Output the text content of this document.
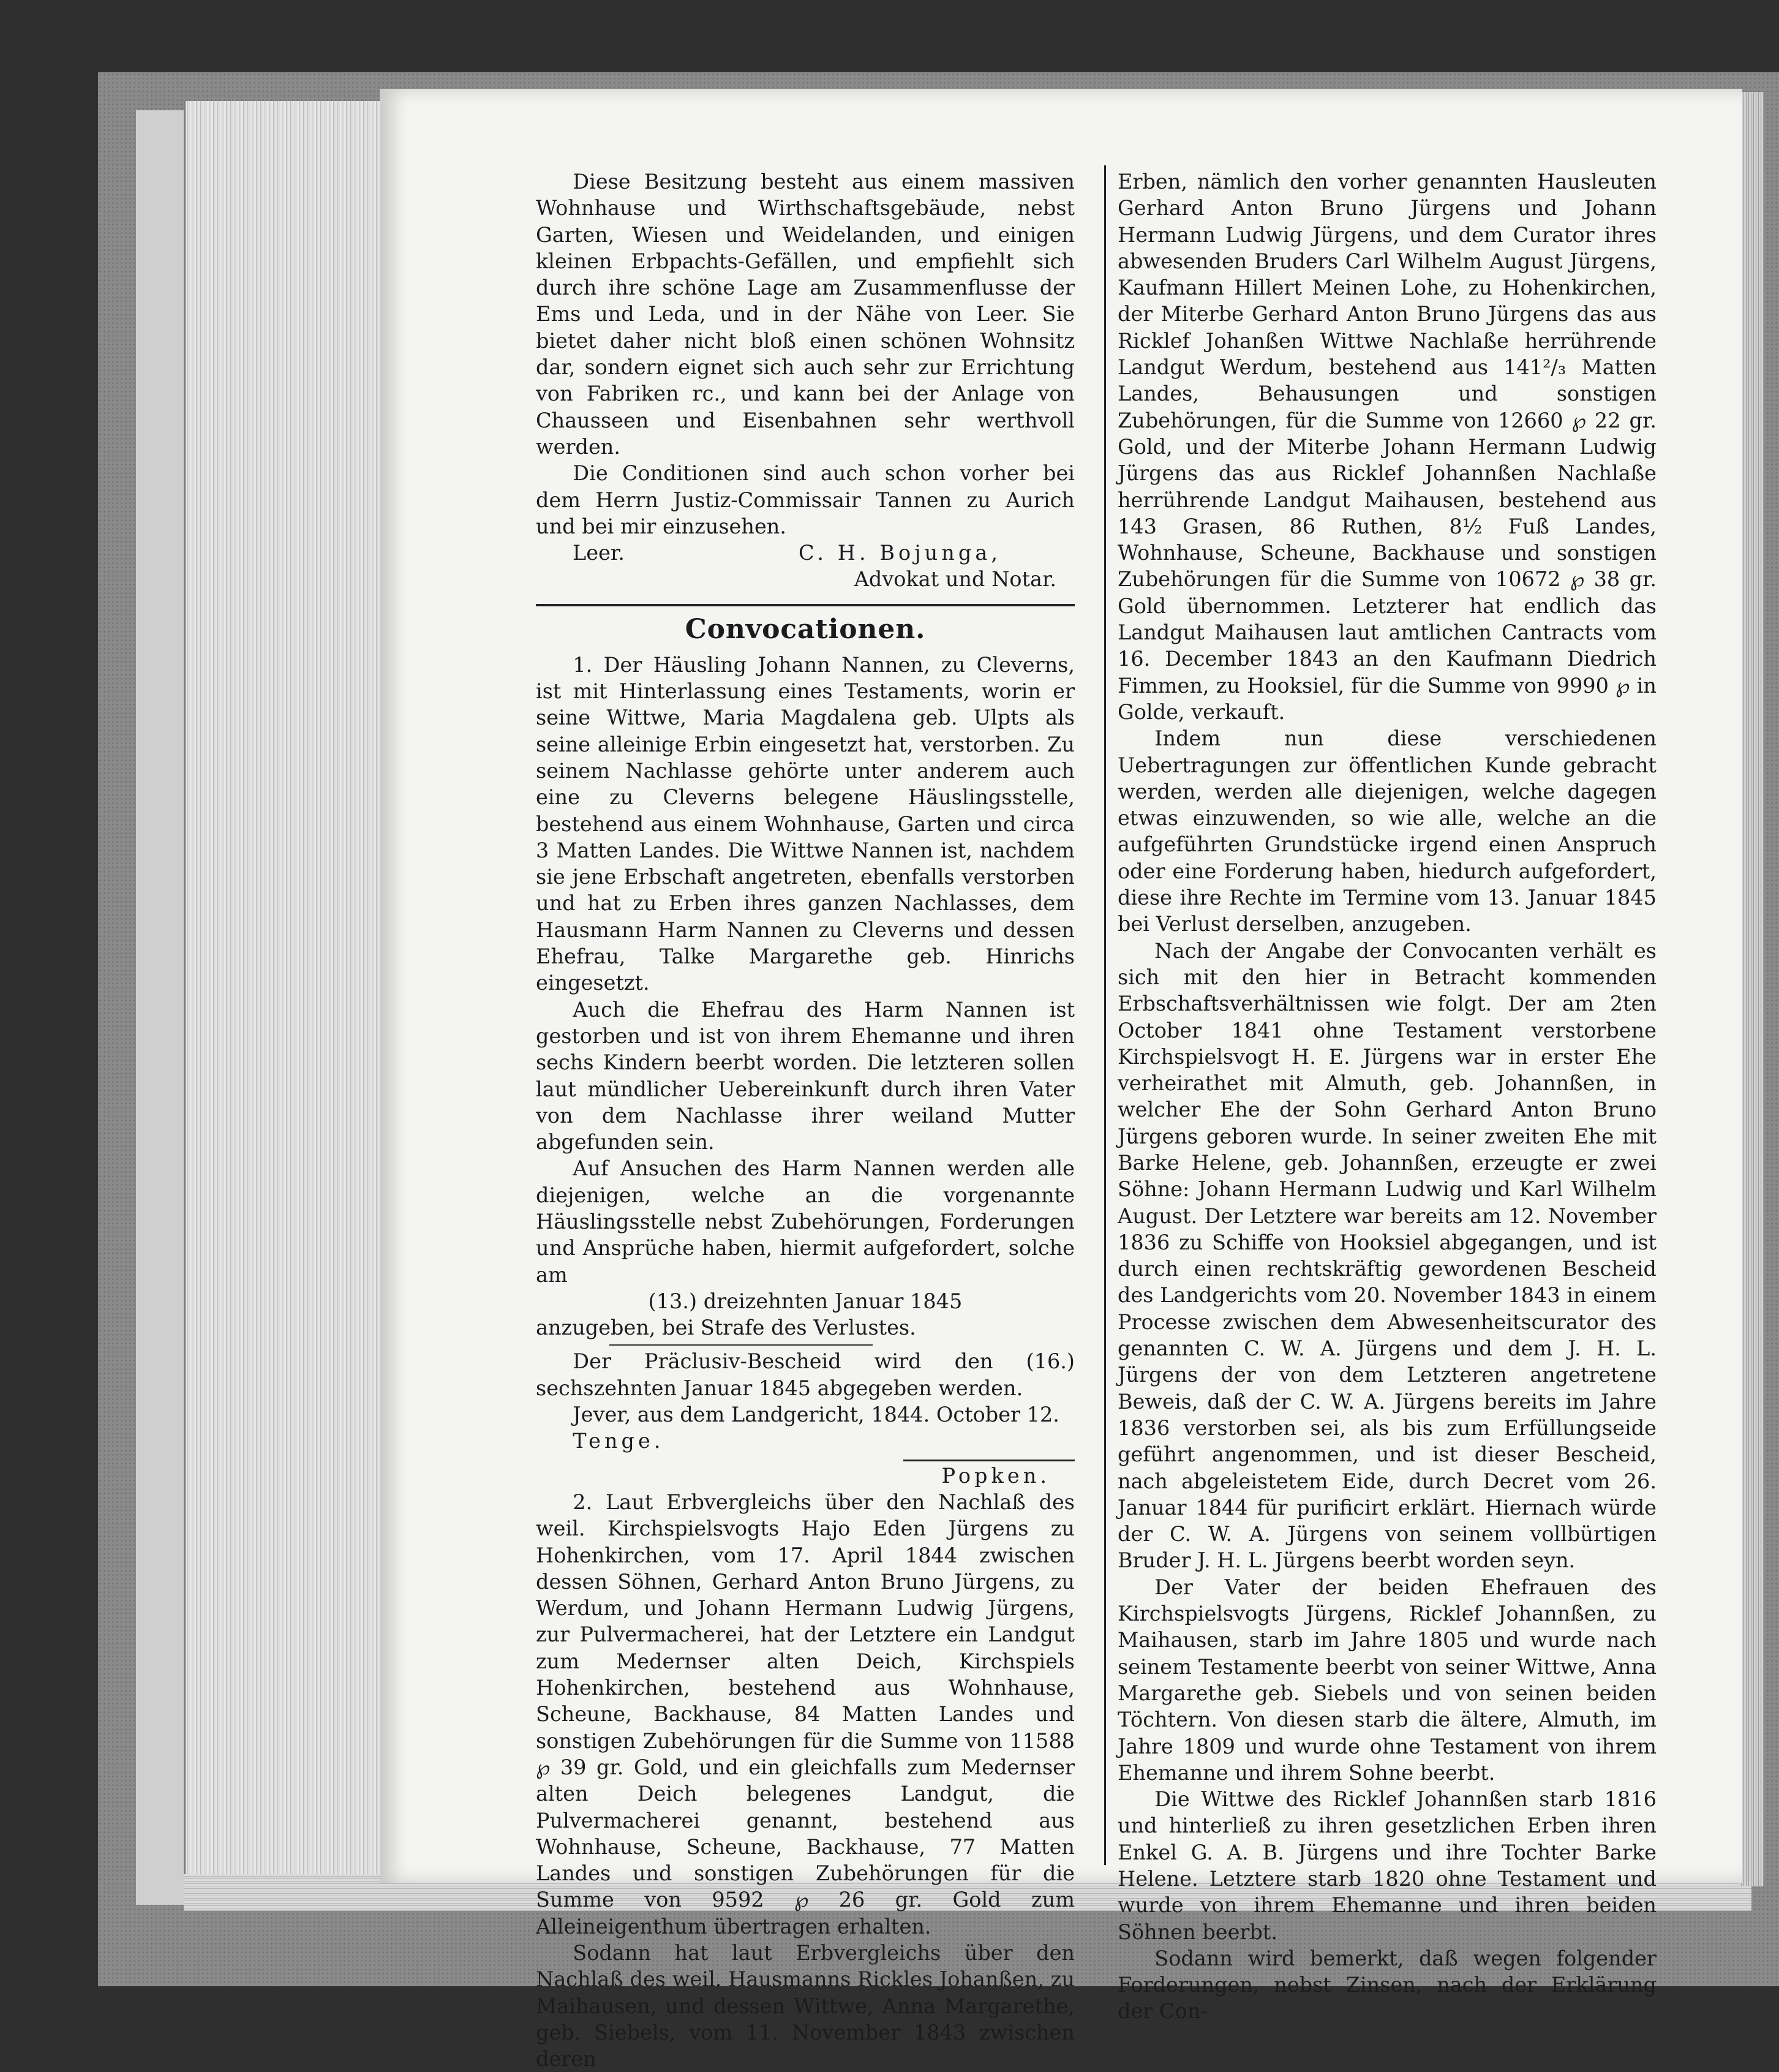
Diese Besitzung besteht aus einem massiven Wohnhause und Wirthschaftsgebäude, nebst Garten, Wiesen und Weidelanden, und einigen kleinen Erbpachts-Gefällen, und empfiehlt sich durch ihre schöne Lage am Zusammenflusse der Ems und Leda, und in der Nähe von Leer. Sie bietet daher nicht bloß einen schönen Wohnsitz dar, sondern eignet sich auch sehr zur Errichtung von Fabriken rc., und kann bei der Anlage von Chausseen und Eisenbahnen sehr werthvoll werden.

Die Conditionen sind auch schon vorher bei dem Herrn Justiz-Commissair Tannen zu Aurich und bei mir einzusehen.

Leer.	C. H. Bojunga,
Advokat und Notar.
Convocationen.

1. Der Häusling Johann Nannen, zu Cleverns, ist mit Hinterlassung eines Testaments, worin er seine Wittwe, Maria Magdalena geb. Ulpts als seine alleinige Erbin eingesetzt hat, verstorben. Zu seinem Nachlasse gehörte unter anderem auch eine zu Cleverns belegene Häuslingsstelle, bestehend aus einem Wohnhause, Garten und circa 3 Matten Landes. Die Wittwe Nannen ist, nachdem sie jene Erbschaft angetreten, ebenfalls verstorben und hat zu Erben ihres ganzen Nachlasses, dem Hausmann Harm Nannen zu Cleverns und dessen Ehefrau, Talke Margarethe geb. Hinrichs eingesetzt.

Auch die Ehefrau des Harm Nannen ist gestorben und ist von ihrem Ehemanne und ihren sechs Kindern beerbt worden. Die letzteren sollen laut mündlicher Uebereinkunft durch ihren Vater von dem Nachlasse ihrer weiland Mutter abgefunden sein.

Auf Ansuchen des Harm Nannen werden alle diejenigen, welche an die vorgenannte Häuslingsstelle nebst Zubehörungen, Forderungen und Ansprüche haben, hiermit aufgefordert, solche am

(13.) dreizehnten Januar 1845

anzugeben, bei Strafe des Verlustes.

Der Präclusiv-Bescheid wird den (16.) sechszehnten Januar 1845 abgegeben werden.

Jever, aus dem Landgericht, 1844. October 12.

Tenge.

Popken.

2. Laut Erbvergleichs über den Nachlaß des weil. Kirchspielsvogts Hajo Eden Jürgens zu Hohenkirchen, vom 17. April 1844 zwischen dessen Söhnen, Gerhard Anton Bruno Jürgens, zu Werdum, und Johann Hermann Ludwig Jürgens, zur Pulvermacherei, hat der Letztere ein Landgut zum Medernser alten Deich, Kirchspiels Hohenkirchen, bestehend aus Wohnhause, Scheune, Backhause, 84 Matten Landes und sonstigen Zubehörungen für die Summe von 11588 ℘ 39 gr. Gold, und ein gleichfalls zum Medernser alten Deich belegenes Landgut, die Pulvermacherei genannt, bestehend aus Wohnhause, Scheune, Backhause, 77 Matten Landes und sonstigen Zubehörungen für die Summe von 9592 ℘ 26 gr. Gold zum Alleineigenthum übertragen erhalten.

Sodann hat laut Erbvergleichs über den Nachlaß des weil. Hausmanns Rickles Johanßen, zu Maihausen, und dessen Wittwe, Anna Margarethe, geb. Siebels, vom 11. November 1843 zwischen deren

Erben, nämlich den vorher genannten Hausleuten Gerhard Anton Bruno Jürgens und Johann Hermann Ludwig Jürgens, und dem Curator ihres abwesenden Bruders Carl Wilhelm August Jürgens, Kaufmann Hillert Meinen Lohe, zu Hohenkirchen, der Miterbe Gerhard Anton Bruno Jürgens das aus Ricklef Johanßen Wittwe Nachlaße herrührende Landgut Werdum, bestehend aus 141²/₃ Matten Landes, Behausungen und sonstigen Zubehörungen, für die Summe von 12660 ℘ 22 gr. Gold, und der Miterbe Johann Hermann Ludwig Jürgens das aus Ricklef Johannßen Nachlaße herrührende Landgut Maihausen, bestehend aus 143 Grasen, 86 Ruthen, 8½ Fuß Landes, Wohnhause, Scheune, Backhause und sonstigen Zubehörungen für die Summe von 10672 ℘ 38 gr. Gold übernommen. Letzterer hat endlich das Landgut Maihausen laut amtlichen Cantracts vom 16. December 1843 an den Kaufmann Diedrich Fimmen, zu Hooksiel, für die Summe von 9990 ℘ in Golde, verkauft.

Indem nun diese verschiedenen Uebertragungen zur öffentlichen Kunde gebracht werden, werden alle diejenigen, welche dagegen etwas einzuwenden, so wie alle, welche an die aufgeführten Grundstücke irgend einen Anspruch oder eine Forderung haben, hiedurch aufgefordert, diese ihre Rechte im Termine vom 13. Januar 1845 bei Verlust derselben, anzugeben.

Nach der Angabe der Convocanten verhält es sich mit den hier in Betracht kommenden Erbschaftsverhältnissen wie folgt. Der am 2ten October 1841 ohne Testament verstorbene Kirchspielsvogt H. E. Jürgens war in erster Ehe verheirathet mit Almuth, geb. Johannßen, in welcher Ehe der Sohn Gerhard Anton Bruno Jürgens geboren wurde. In seiner zweiten Ehe mit Barke Helene, geb. Johannßen, erzeugte er zwei Söhne: Johann Hermann Ludwig und Karl Wilhelm August. Der Letztere war bereits am 12. November 1836 zu Schiffe von Hooksiel abgegangen, und ist durch einen rechtskräftig gewordenen Bescheid des Landgerichts vom 20. November 1843 in einem Processe zwischen dem Abwesenheitscurator des genannten C. W. A. Jürgens und dem J. H. L. Jürgens der von dem Letzteren angetretene Beweis, daß der C. W. A. Jürgens bereits im Jahre 1836 verstorben sei, als bis zum Erfüllungseide geführt angenommen, und ist dieser Bescheid, nach abgeleistetem Eide, durch Decret vom 26. Januar 1844 für purificirt erklärt. Hiernach würde der C. W. A. Jürgens von seinem vollbürtigen Bruder J. H. L. Jürgens beerbt worden seyn.

Der Vater der beiden Ehefrauen des Kirchspielsvogts Jürgens, Ricklef Johannßen, zu Maihausen, starb im Jahre 1805 und wurde nach seinem Testamente beerbt von seiner Wittwe, Anna Margarethe geb. Siebels und von seinen beiden Töchtern. Von diesen starb die ältere, Almuth, im Jahre 1809 und wurde ohne Testament von ihrem Ehemanne und ihrem Sohne beerbt.

Die Wittwe des Ricklef Johannßen starb 1816 und hinterließ zu ihren gesetzlichen Erben ihren Enkel G. A. B. Jürgens und ihre Tochter Barke Helene. Letztere starb 1820 ohne Testament und wurde von ihrem Ehemanne und ihren beiden Söhnen beerbt.

Sodann wird bemerkt, daß wegen folgender Forderungen, nebst Zinsen, nach der Erklärung der Con-
